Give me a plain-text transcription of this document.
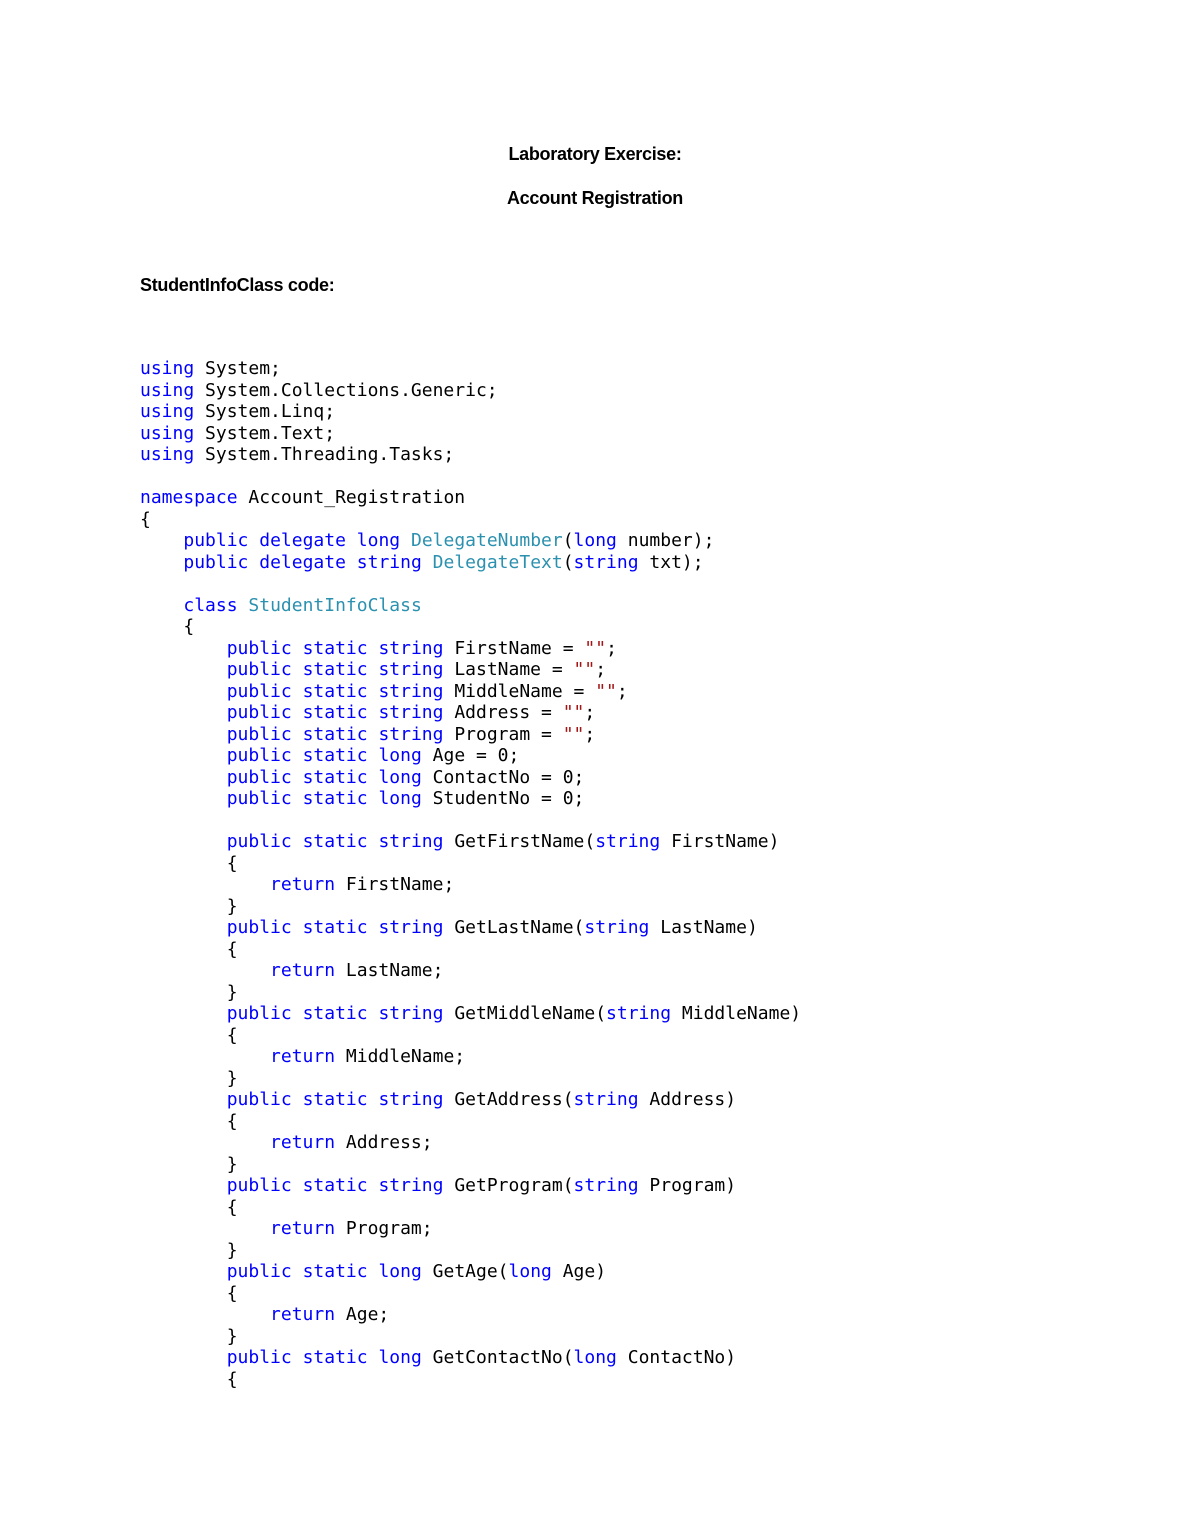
Laboratory Exercise:
Account Registration
StudentInfoClass code:
using System;
using System.Collections.Generic;
using System.Linq;
using System.Text;
using System.Threading.Tasks;

namespace Account_Registration
{
public delegate long DelegateNumber(long number);
public delegate string DelegateText(string txt);

class StudentInfoClass
{
public static string FirstName = "";
public static string LastName = "";
public static string MiddleName = "";
public static string Address = "";
public static string Program = "";
public static long Age = 0;
public static long ContactNo = 0;
public static long StudentNo = 0;

public static string GetFirstName(string FirstName)
{
return FirstName;
}
public static string GetLastName(string LastName)
{
return LastName;
}
public static string GetMiddleName(string MiddleName)
{
return MiddleName;
}
public static string GetAddress(string Address)
{
return Address;
}
public static string GetProgram(string Program)
{
return Program;
}
public static long GetAge(long Age)
{
return Age;
}
public static long GetContactNo(long ContactNo)
{
